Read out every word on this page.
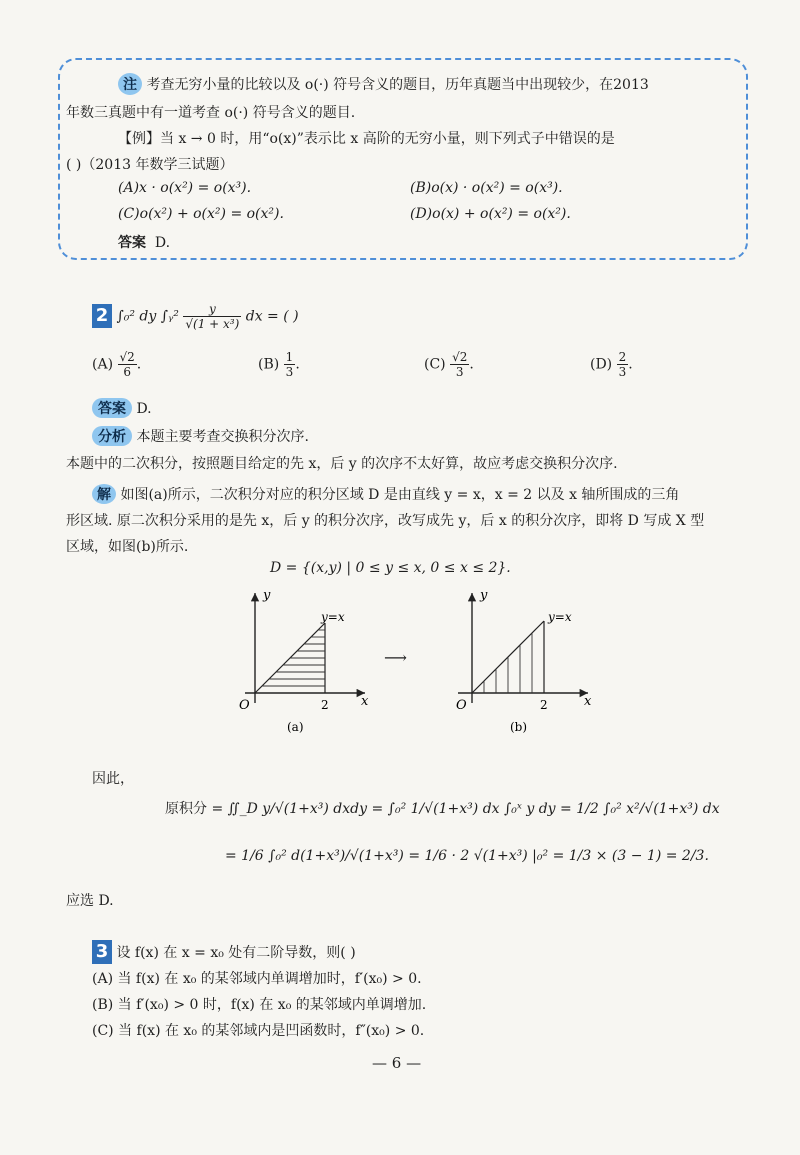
注 考查无穷小量的比较以及 o(·) 符号含义的题目，历年真题当中出现较少，在2013
年数三真题中有一道考查 o(·) 符号含义的题目.
【例】当 x → 0 时，用“o(x)”表示比 x 高阶的无穷小量，则下列式子中错误的是
( )（2013 年数学三试题）
(A)x · o(x²) = o(x³).	(B)o(x) · o(x²) = o(x³).
(C)o(x²) + o(x²) = o(x²).	(D)o(x) + o(x²) = o(x²).
答案 D.
2 ∫₀² dy ∫ᵧ² $\frac{y}{\text{√(1 + x³)}}$ dx = ( )
$(A) \frac{√2}{6}$ .	$(B) \frac{1}{3}$ .	$(C) \frac{√2}{3}$ .	$(D) \frac{2}{3}$ .
答案 D.
分析 本题主要考查交换积分次序.
本题中的二次积分，按照题目给定的先 x，后 y 的次序不太好算，故应考虑交换积分次序.
解 如图(a)所示，二次积分对应的积分区域 D 是由直线 y = x，x = 2 以及 x 轴所围成的三角
形区域. 原二次积分采用的是先 x，后 y 的积分次序，改写成先 y，后 x 的积分次序，即将 D 写成 X 型
区域，如图(b)所示.
D = {(x,y) | 0 ≤ y ≤ x, 0 ≤ x ≤ 2}.
y
x
y=x
O	2
(a)
⟶
y
x
y=x
O	2
(b)
因此，
原积分 = ∬_D y/√(1+x³) dxdy = ∫₀² 1/√(1+x³) dx ∫₀ˣ y dy = 1/2 ∫₀² x²/√(1+x³) dx
= 1/6 ∫₀² d(1+x³)/√(1+x³) = 1/6 · 2 √(1+x³) |₀² = 1/3 × (3 − 1) = 2/3.
应选 D.
3 设 f(x) 在 x = x₀ 处有二阶导数，则( )
(A) 当 f(x) 在 x₀ 的某邻域内单调增加时，f′(x₀) > 0.
(B) 当 f′(x₀) > 0 时，f(x) 在 x₀ 的某邻域内单调增加.
(C) 当 f(x) 在 x₀ 的某邻域内是凹函数时，f″(x₀) > 0.
— 6 —
